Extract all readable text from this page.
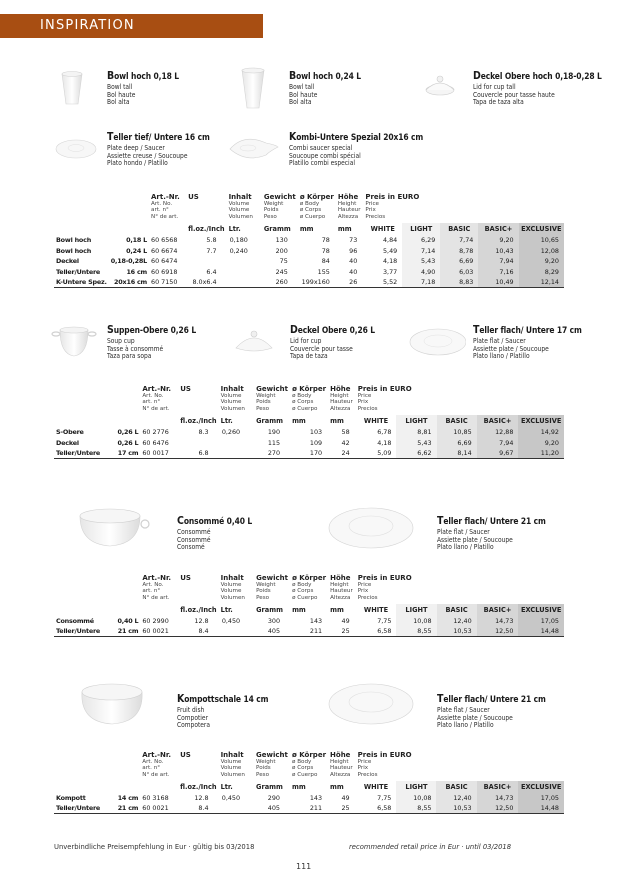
INSPIRATION
Bowl hoch 0,18 L
Bowl tall
Bol haute
Bol alta
Bowl hoch 0,24 L
Bowl tall
Bol haute
Bol alta
Deckel Obere hoch 0,18-0,28 L
Lid for cup tall
Couvercle pour tasse haute
Tapa de taza alta
Teller tief/ Untere 16 cm
Plate deep / Saucer
Assiette creuse / Soucoupe
Plato hondo / Platillo
Kombi-Untere Spezial 20x16 cm
Combi saucer special
Soucoupe combi spécial
Platillo combi especial

		Art.-Nr.
Art. No.
art. n°
N° de art.	US	Inhalt
Volume
Volume
Volumen	Gewicht
Weight
Poids
Peso	ø Körper
ø Body
ø Corps
ø Cuerpo	Höhe
Height
Hauteur
Altezza	Preis in EURO
Price
Prix
Precios				

			fl.oz./Inch	Ltr.	Gramm	mm	mm	WHITE	LIGHT	BASIC	BASIC+	EXCLUSIVE
Bowl hoch	0,18 L	60 6568	5.8	0,180	130	78	73	4,84	6,29	7,74	9,20	10,65
Bowl hoch	0,24 L	60 6674	7.7	0,240	200	78	96	5,49	7,14	8,78	10,43	12,08
Deckel	0,18-0,28L	60 6474			75	84	40	4,18	5,43	6,69	7,94	9,20
Teller/Untere	16 cm	60 6918	6.4		245	155	40	3,77	4,90	6,03	7,16	8,29
K-Untere Spez.	20x16 cm	60 7150	8.0x6.4		260	199x160	26	5,52	7,18	8,83	10,49	12,14
Suppen-Obere 0,26 L
Soup cup
Tasse à consommé
Taza para sopa
Deckel Obere 0,26 L
Lid for cup
Couvercle pour tasse
Tapa de taza
Teller flach/ Untere 17 cm
Plate flat / Saucer
Assiette plate / Soucoupe
Plato llano / Platillo

		Art.-Nr.
Art. No.
art. n°
N° de art.	US	Inhalt
Volume
Volume
Volumen	Gewicht
Weight
Poids
Peso	ø Körper
ø Body
ø Corps
ø Cuerpo	Höhe
Height
Hauteur
Altezza	Preis in EURO
Price
Prix
Precios				

			fl.oz./Inch	Ltr.	Gramm	mm	mm	WHITE	LIGHT	BASIC	BASIC+	EXCLUSIVE
S-Obere	0,26 L	60 2776	8.3	0,260	190	103	58	6,78	8,81	10,85	12,88	14,92
Deckel	0,26 L	60 6476			115	109	42	4,18	5,43	6,69	7,94	9,20
Teller/Untere	17 cm	60 0017	6.8		270	170	24	5,09	6,62	8,14	9,67	11,20
Consommé 0,40 L
Consommé
Consommé
Consomé
Teller flach/ Untere 21 cm
Plate flat / Saucer
Assiette plate / Soucoupe
Plato llano / Platillo

		Art.-Nr.
Art. No.
art. n°
N° de art.	US	Inhalt
Volume
Volume
Volumen	Gewicht
Weight
Poids
Peso	ø Körper
ø Body
ø Corps
ø Cuerpo	Höhe
Height
Hauteur
Altezza	Preis in EURO
Price
Prix
Precios				

			fl.oz./Inch	Ltr.	Gramm	mm	mm	WHITE	LIGHT	BASIC	BASIC+	EXCLUSIVE
Consommé	0,40 L	60 2990	12.8	0,450	300	143	49	7,75	10,08	12,40	14,73	17,05
Teller/Untere	21 cm	60 0021	8.4		405	211	25	6,58	8,55	10,53	12,50	14,48
Kompottschale 14 cm
Fruit dish
Compotier
Compotera
Teller flach/ Untere 21 cm
Plate flat / Saucer
Assiette plate / Soucoupe
Plato llano / Platillo

		Art.-Nr.
Art. No.
art. n°
N° de art.	US	Inhalt
Volume
Volume
Volumen	Gewicht
Weight
Poids
Peso	ø Körper
ø Body
ø Corps
ø Cuerpo	Höhe
Height
Hauteur
Altezza	Preis in EURO
Price
Prix
Precios				

			fl.oz./Inch	Ltr.	Gramm	mm	mm	WHITE	LIGHT	BASIC	BASIC+	EXCLUSIVE
Kompott	14 cm	60 3168	12.8	0,450	290	143	49	7,75	10,08	12,40	14,73	17,05
Teller/Untere	21 cm	60 0021	8.4		405	211	25	6,58	8,55	10,53	12,50	14,48
Unverbindliche Preisempfehlung in Eur · gültig bis 03/2018	recommended retail price in Eur · until 03/2018
111
